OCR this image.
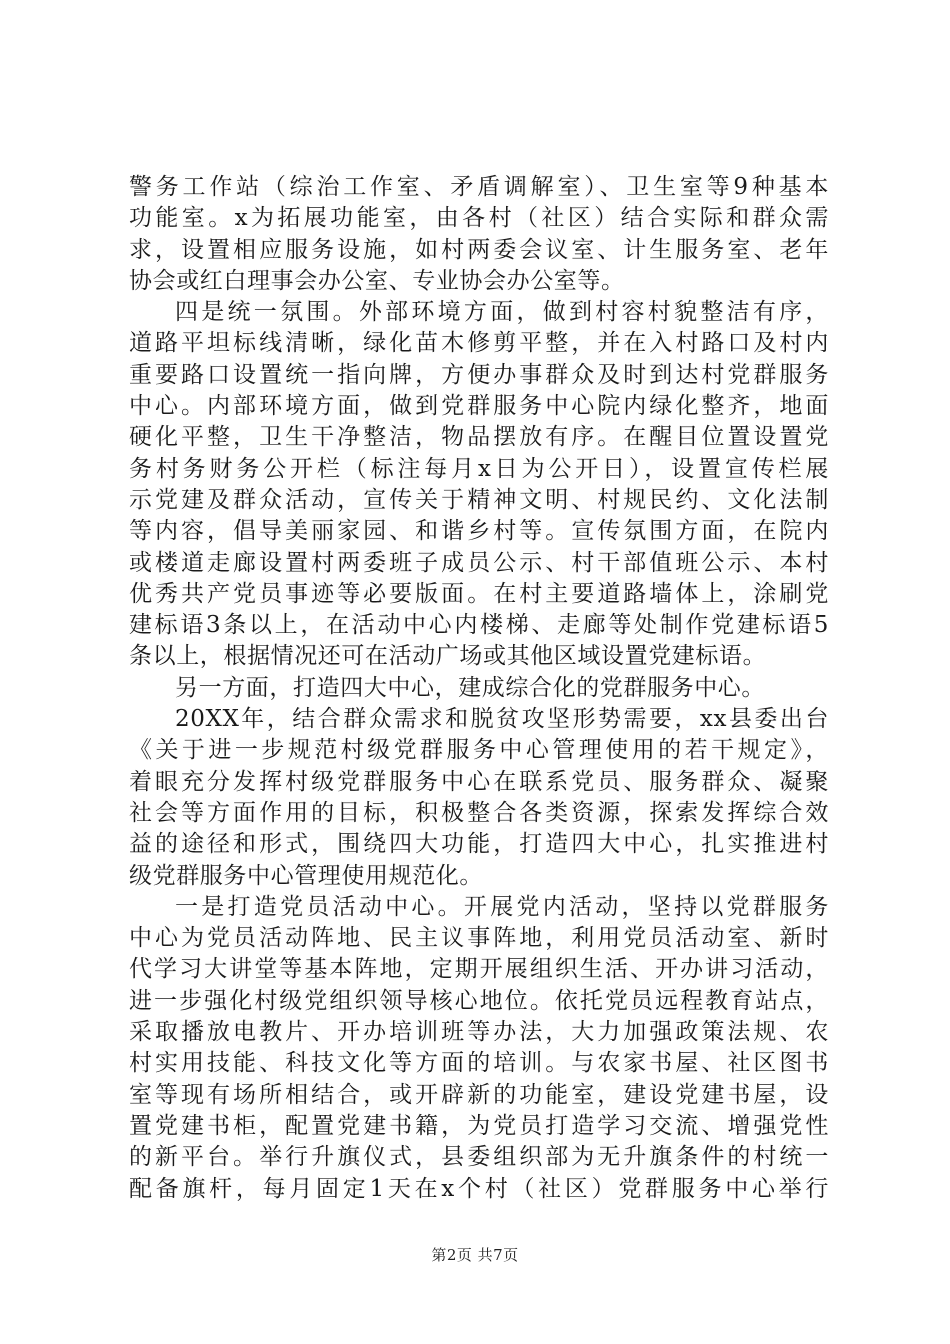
警务工作站（综治工作室、矛盾调解室）、卫生室等9种基本
功能室。x为拓展功能室，由各村（社区）结合实际和群众需
求，设置相应服务设施，如村两委会议室、计生服务室、老年
协会或红白理事会办公室、专业协会办公室等。
四是统一氛围。外部环境方面，做到村容村貌整洁有序，
道路平坦标线清晰，绿化苗木修剪平整，并在入村路口及村内
重要路口设置统一指向牌，方便办事群众及时到达村党群服务
中心。内部环境方面，做到党群服务中心院内绿化整齐，地面
硬化平整，卫生干净整洁，物品摆放有序。在醒目位置设置党
务村务财务公开栏（标注每月x日为公开日），设置宣传栏展
示党建及群众活动，宣传关于精神文明、村规民约、文化法制
等内容，倡导美丽家园、和谐乡村等。宣传氛围方面，在院内
或楼道走廊设置村两委班子成员公示、村干部值班公示、本村
优秀共产党员事迹等必要版面。在村主要道路墙体上，涂刷党
建标语3条以上，在活动中心内楼梯、走廊等处制作党建标语5
条以上，根据情况还可在活动广场或其他区域设置党建标语。
另一方面，打造四大中心，建成综合化的党群服务中心。
20XX年，结合群众需求和脱贫攻坚形势需要，xx县委出台
《关于进一步规范村级党群服务中心管理使用的若干规定》，
着眼充分发挥村级党群服务中心在联系党员、服务群众、凝聚
社会等方面作用的目标，积极整合各类资源，探索发挥综合效
益的途径和形式，围绕四大功能，打造四大中心，扎实推进村
级党群服务中心管理使用规范化。
一是打造党员活动中心。开展党内活动，坚持以党群服务
中心为党员活动阵地、民主议事阵地，利用党员活动室、新时
代学习大讲堂等基本阵地，定期开展组织生活、开办讲习活动，
进一步强化村级党组织领导核心地位。依托党员远程教育站点，
采取播放电教片、开办培训班等办法，大力加强政策法规、农
村实用技能、科技文化等方面的培训。与农家书屋、社区图书
室等现有场所相结合，或开辟新的功能室，建设党建书屋，设
置党建书柜，配置党建书籍，为党员打造学习交流、增强党性
的新平台。举行升旗仪式，县委组织部为无升旗条件的村统一
配备旗杆，每月固定1天在x个村（社区）党群服务中心举行
第2页 共7页
